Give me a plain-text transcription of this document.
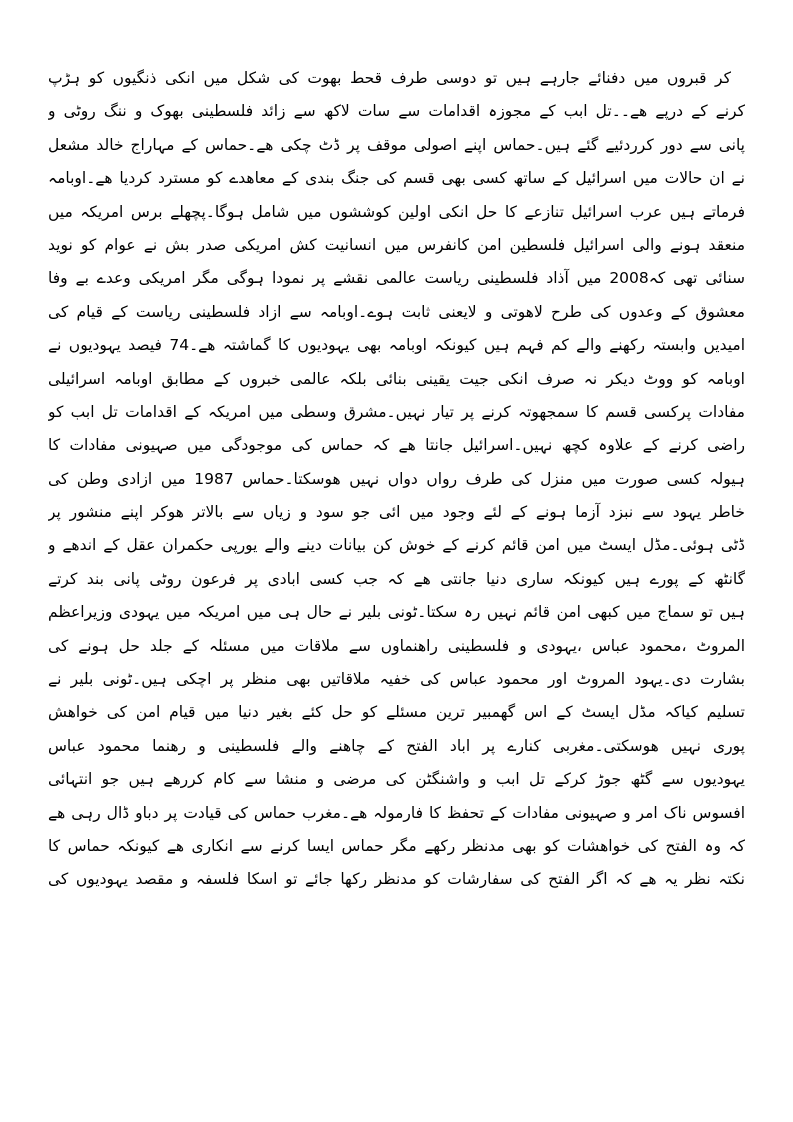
کر قبروں میں دفنائے جارہے ہیں تو دوسی طرف قحط بھوت کی شکل میں انکی ذنگیوں کو ہڑپ
کرنے کے درپے ھے۔۔تل ابب کے مجوزہ اقدامات سے سات لاکھ سے زائد فلسطینی بھوک و ننگ روٹی و
پانی سے دور کرردئیے گئے ہیں۔حماس اپنے اصولی موقف پر ڈٹ چکی ھے۔حماس کے مہاراج خالد مشعل
نے ان حالات میں اسرائیل کے ساتھ کسی بھی قسم کی جنگ بندی کے معاھدے کو مسترد کردیا ھے۔اوبامہ
فرماتے ہیں عرب اسرائیل تنازعے کا حل انکی اولین کوششوں میں شامل ہوگا۔پچھلے برس امریکہ میں
منعقد ہونے والی اسرائیل فلسطین امن کانفرس میں انسانیت کش امریکی صدر بش نے عوام کو نوید
سنائی تھی کہ2008 میں آذاد فلسطینی ریاست عالمی نقشے پر نمودا ہوگی مگر امریکی وعدے بے وفا
معشوق کے وعدوں کی طرح لاھوتی و لایعنی ثابت ہوے۔اوبامہ سے ازاد فلسطینی ریاست کے قیام کی
امیدیں وابستہ رکھنے والے کم فہم ہیں کیونکہ اوبامہ بھی یہودیوں کا گماشتہ ھے۔74 فیصد یہودیوں نے
اوبامہ کو ووٹ دیکر نہ صرف انکی جیت یقینی بنائی بلکہ عالمی خبروں کے مطابق اوبامہ اسرائیلی
مفادات پرکسی قسم کا سمجھوتہ کرنے پر تیار نہیں۔مشرق وسطی میں امریکہ کے اقدامات تل ابب کو
راضی کرنے کے علاوہ کچھ نہیں۔اسرائیل جانتا ھے کہ حماس کی موجودگی میں صہیونی مفادات کا
ہیولہ کسی صورت میں منزل کی طرف رواں دواں نہیں ھوسکتا۔حماس 1987 میں ازادی وطن کی
خاطر یہود سے نبزد آزما ہونے کے لئے وجود میں ائی جو سود و زیاں سے بالاتر ھوکر اپنے منشور پر
ڈٹی ہوئی۔مڈل ایسٹ میں امن قائم کرنے کے خوش کن بیانات دینے والے یورپی حکمران عقل کے اندھے و
گانٹھ کے پورے ہیں کیونکہ ساری دنیا جانتی ھے کہ جب کسی ابادی پر فرعون روٹی پانی بند کرتے
ہیں تو سماج میں کبھی امن قائم نہیں رہ سکتا۔ٹونی بلیر نے حال ہی میں امریکہ میں یہودی وزیراعظم
المروٹ ،محمود عباس ،یہودی و فلسطینی راھنماوں سے ملاقات میں مسئلہ کے جلد حل ہونے کی
بشارت دی۔یہود المروٹ اور محمود عباس کی خفیہ ملاقاتیں بھی منظر پر اچکی ہیں۔ٹونی بلیر نے
تسلیم کیاکہ مڈل ایسٹ کے اس گھمبیر ترین مسئلے کو حل کئے بغیر دنیا میں قیام امن کی خواھش
پوری نہیں ھوسکتی۔مغربی کنارے پر اباد الفتح کے چاھنے والے فلسطینی و رھنما محمود عباس
یہودیوں سے گٹھ جوڑ کرکے تل ابب و واشنگٹن کی مرضی و منشا سے کام کررھے ہیں جو انتہائی
افسوس ناک امر و صہیونی مفادات کے تحفظ کا فارمولہ ھے۔مغرب حماس کی قیادت پر دباو ڈال رہی ھے
کہ وہ الفتح کی خواھشات کو بھی مدنظر رکھے مگر حماس ایسا کرنے سے انکاری ھے کیونکہ حماس کا
نکتہ نظر یہ ھے کہ اگر الفتح کی سفارشات کو مدنظر رکھا جائے تو اسکا فلسفہ و مقصد یہودیوں کی
